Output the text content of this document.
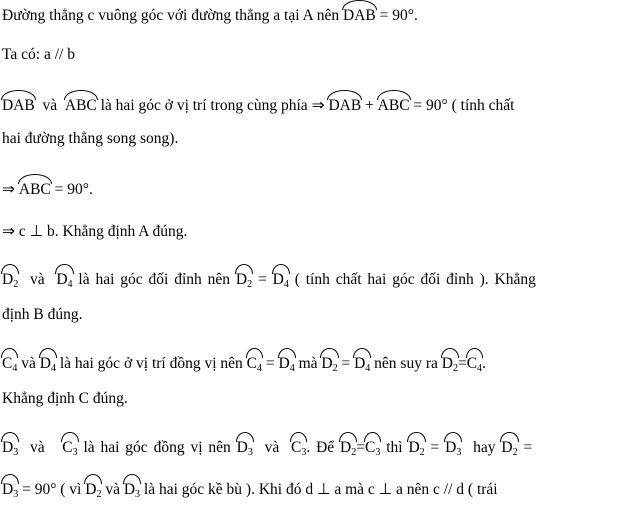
Đường thẳng c vuông góc với đường thẳng a tại A nên DAB = 90°.
Ta có: a // b
DAB và ABC là hai góc ở vị trí trong cùng phía ⇒ DAB + ABC = 90° ( tính chất
hai đường thẳng song song).
⇒ ABC = 90°.
⇒ c ⊥ b. Khẳng định A đúng.
$D_2$ và $D_4$ là hai góc đối đỉnh nên $D_2 = D_4$ ( tính chất hai góc đối đỉnh ). Khẳng
định B đúng.
$C_4$ và $D_4$ là hai góc ở vị trí đồng vị nên $C_4 = D_4$ mà $D_2 = D_4$ nên suy ra $D_2=$
$C_4$.
Khẳng định C đúng.
$D_3$ và $C_3$ là hai góc đồng vị nên $D_3$ và $C_3$. Để $D_2=$
$C_3$ thì $D_2 = D_3$ hay $D_2$ =
$D_3 = 90^\circ$ ( vì $D_2$ và $D_3$ là hai góc kề bù ). Khi đó d ⊥ a mà c ⊥ a nên c // d ( trái
